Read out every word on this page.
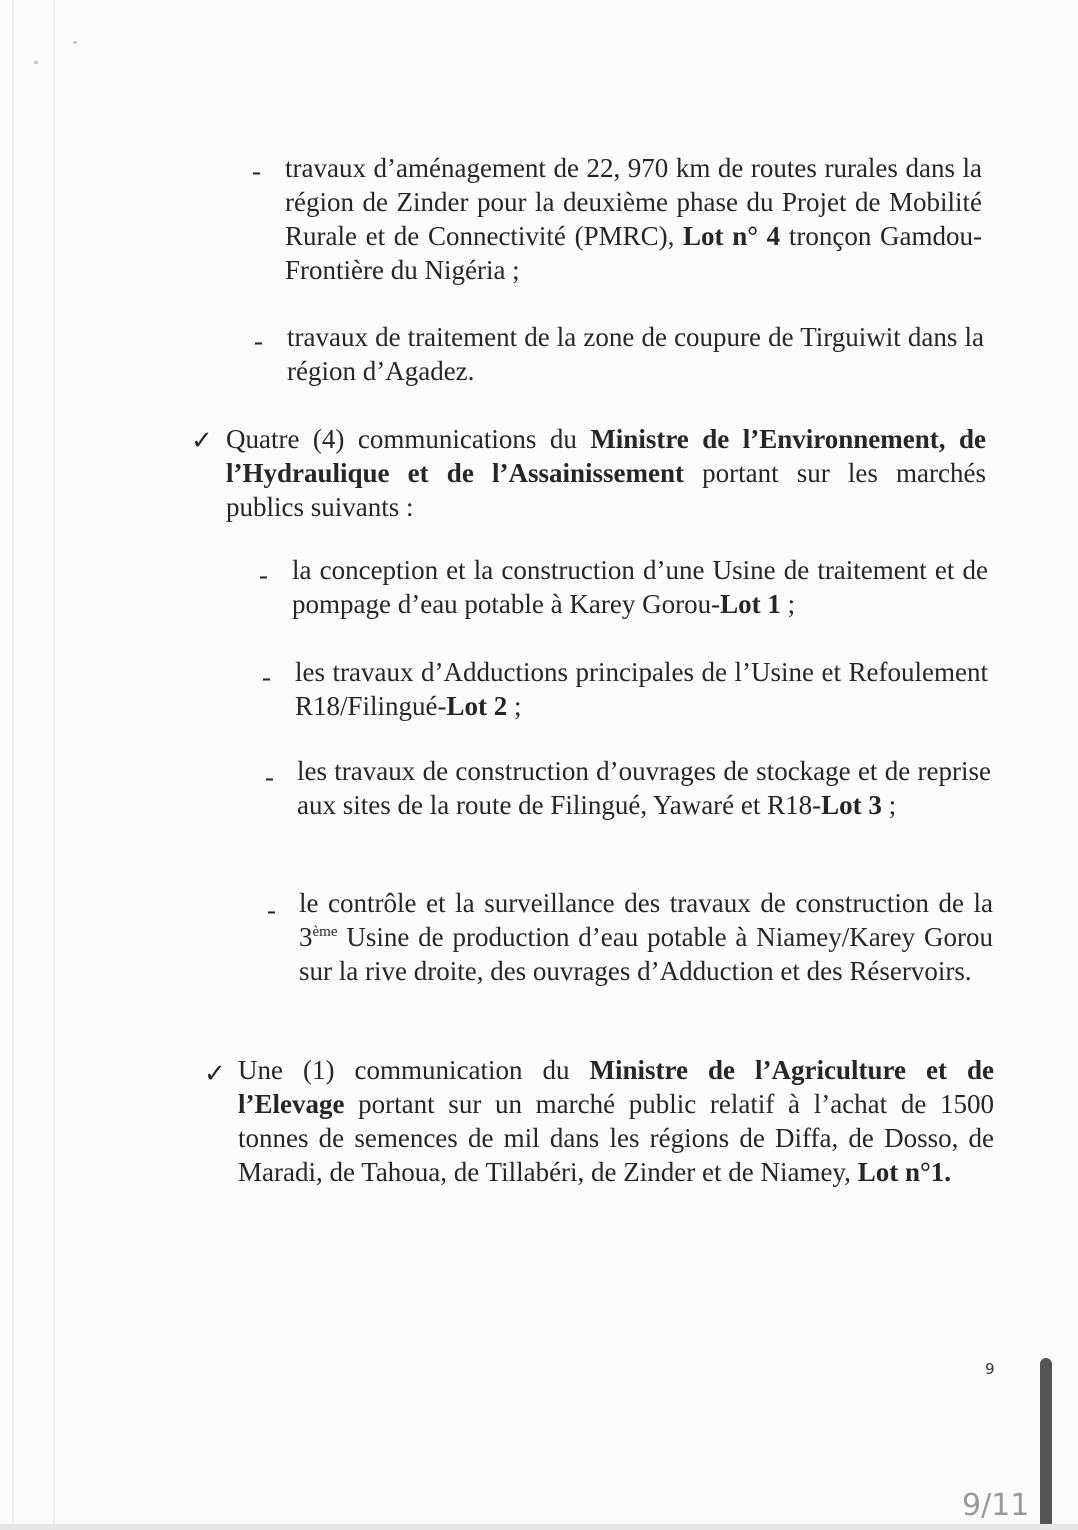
- travaux d’aménagement de 22, 970 km de routes rurales dans la région de Zinder pour la deuxième phase du Projet de Mobilité Rurale et de Connectivité (PMRC), Lot n° 4 tronçon Gamdou-Frontière du Nigéria ;
- travaux de traitement de la zone de coupure de Tirguiwit dans la région d’Agadez.
✓ Quatre (4) communications du Ministre de l’Environnement, de l’Hydraulique et de l’Assainissement portant sur les marchés publics suivants :
- la conception et la construction d’une Usine de traitement et de pompage d’eau potable à Karey Gorou-Lot 1 ;
- les travaux d’Adductions principales de l’Usine et Refoulement R18/Filingué-Lot 2 ;
- les travaux de construction d’ouvrages de stockage et de reprise aux sites de la route de Filingué, Yawaré et R18-Lot 3 ;
- le contrôle et la surveillance des travaux de construction de la 3ème Usine de production d’eau potable à Niamey/Karey Gorou sur la rive droite, des ouvrages d’Adduction et des Réservoirs.
✓ Une (1) communication du Ministre de l’Agriculture et de l’Elevage portant sur un marché public relatif à l’achat de 1500 tonnes de semences de mil dans les régions de Diffa, de Dosso, de Maradi, de Tahoua, de Tillabéri, de Zinder et de Niamey, Lot n°1.
9
9/11
